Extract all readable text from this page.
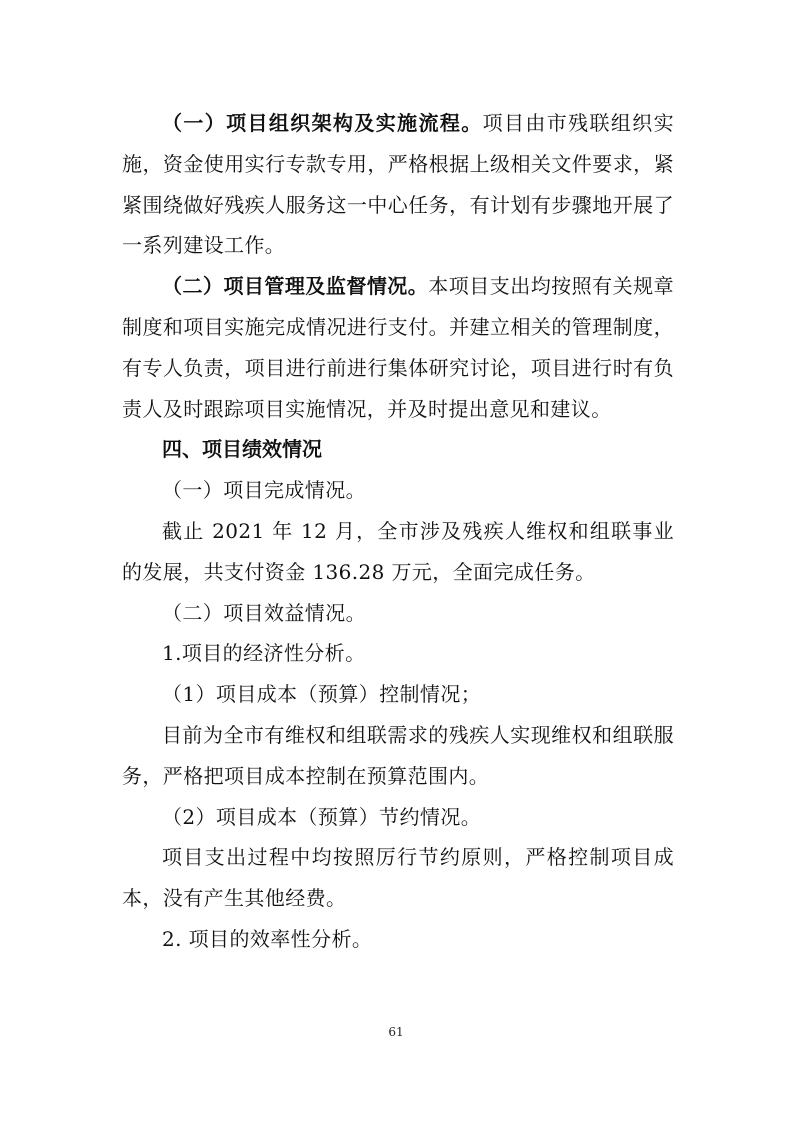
（一）项目组织架构及实施流程。项目由市残联组织实施，资金使用实行专款专用，严格根据上级相关文件要求，紧紧围绕做好残疾人服务这一中心任务，有计划有步骤地开展了一系列建设工作。

（二）项目管理及监督情况。本项目支出均按照有关规章制度和项目实施完成情况进行支付。并建立相关的管理制度，有专人负责，项目进行前进行集体研究讨论，项目进行时有负责人及时跟踪项目实施情况，并及时提出意见和建议。

四、项目绩效情况

（一）项目完成情况。

截止 2021 年 12 月，全市涉及残疾人维权和组联事业的发展，共支付资金 136.28 万元，全面完成任务。

（二）项目效益情况。

1.项目的经济性分析。

（1）项目成本（预算）控制情况；

目前为全市有维权和组联需求的残疾人实现维权和组联服务，严格把项目成本控制在预算范围内。

（2）项目成本（预算）节约情况。

项目支出过程中均按照厉行节约原则，严格控制项目成本，没有产生其他经费。

2. 项目的效率性分析。

61
